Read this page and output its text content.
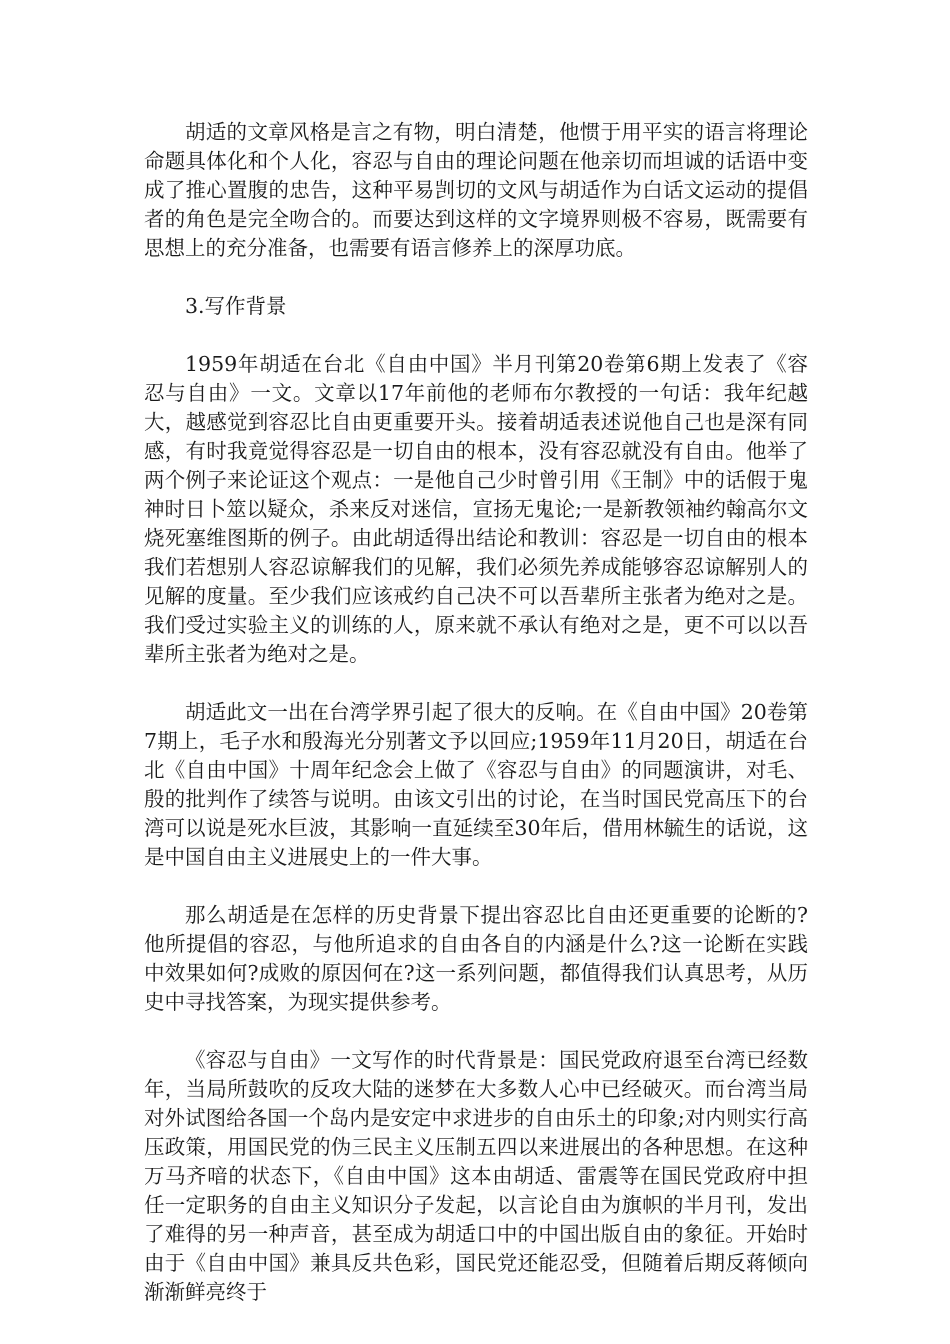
胡适的文章风格是言之有物，明白清楚，他惯于用平实的语言将理论命题具体化和个人化，容忍与自由的理论问题在他亲切而坦诚的话语中变成了推心置腹的忠告，这种平易剀切的文风与胡适作为白话文运动的提倡者的角色是完全吻合的。而要达到这样的文字境界则极不容易，既需要有思想上的充分准备，也需要有语言修养上的深厚功底。

3.写作背景

1959年胡适在台北《自由中国》半月刊第20卷第6期上发表了《容忍与自由》一文。文章以17年前他的老师布尔教授的一句话：我年纪越大，越感觉到容忍比自由更重要开头。接着胡适表述说他自己也是深有同感，有时我竟觉得容忍是一切自由的根本，没有容忍就没有自由。他举了两个例子来论证这个观点：一是他自己少时曾引用《王制》中的话假于鬼神时日卜筮以疑众，杀来反对迷信，宣扬无鬼论;一是新教领袖约翰高尔文烧死塞维图斯的例子。由此胡适得出结论和教训：容忍是一切自由的根本我们若想别人容忍谅解我们的见解，我们必须先养成能够容忍谅解别人的见解的度量。至少我们应该戒约自己决不可以吾辈所主张者为绝对之是。我们受过实验主义的训练的人，原来就不承认有绝对之是，更不可以以吾辈所主张者为绝对之是。

胡适此文一出在台湾学界引起了很大的反响。在《自由中国》20卷第7期上，毛子水和殷海光分别著文予以回应;1959年11月20日，胡适在台北《自由中国》十周年纪念会上做了《容忍与自由》的同题演讲，对毛、殷的批判作了续答与说明。由该文引出的讨论，在当时国民党高压下的台湾可以说是死水巨波，其影响一直延续至30年后，借用林毓生的话说，这是中国自由主义进展史上的一件大事。

那么胡适是在怎样的历史背景下提出容忍比自由还更重要的论断的?他所提倡的容忍，与他所追求的自由各自的内涵是什么?这一论断在实践中效果如何?成败的原因何在?这一系列问题，都值得我们认真思考，从历史中寻找答案，为现实提供参考。

《容忍与自由》一文写作的时代背景是：国民党政府退至台湾已经数年，当局所鼓吹的反攻大陆的迷梦在大多数人心中已经破灭。而台湾当局对外试图给各国一个岛内是安定中求进步的自由乐土的印象;对内则实行高压政策，用国民党的伪三民主义压制五四以来进展出的各种思想。在这种万马齐喑的状态下，《自由中国》这本由胡适、雷震等在国民党政府中担任一定职务的自由主义知识分子发起，以言论自由为旗帜的半月刊，发出了难得的另一种声音，甚至成为胡适口中的中国出版自由的象征。开始时由于《自由中国》兼具反共色彩，国民党还能忍受，但随着后期反蒋倾向渐渐鲜亮终于
